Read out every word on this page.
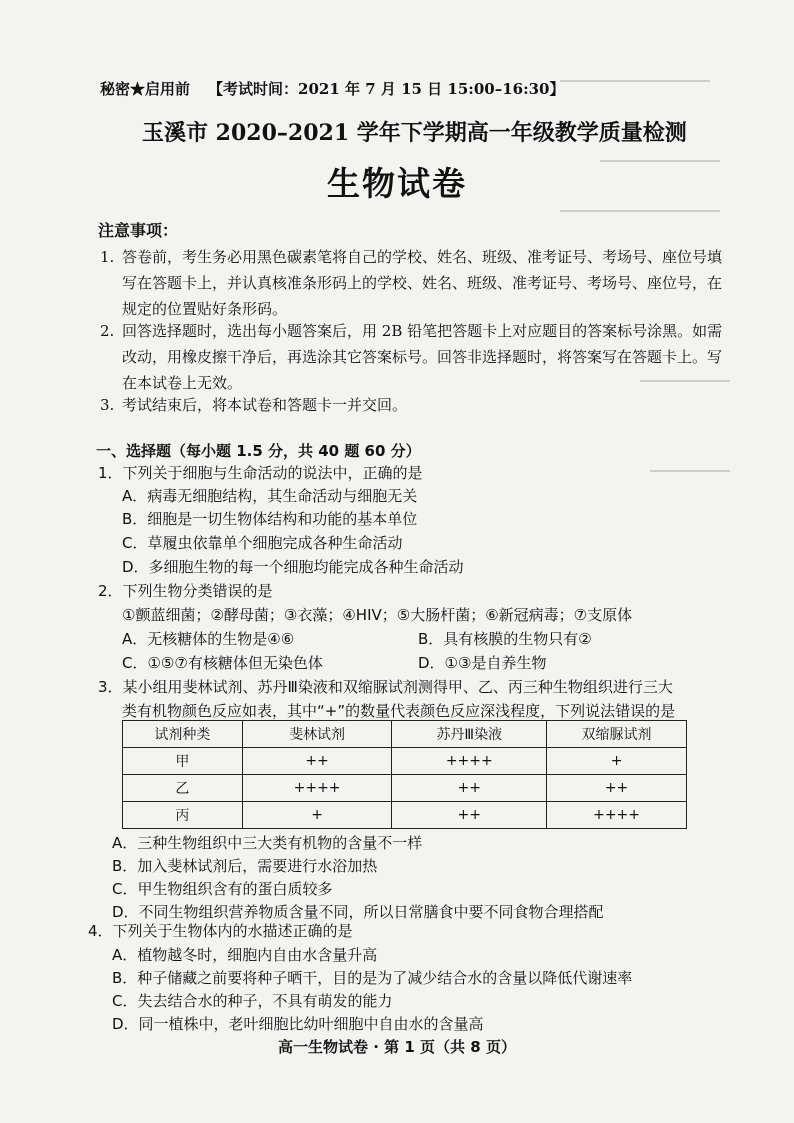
秘密★启用前 【考试时间：2021 年 7 月 15 日 15:00–16:30】
玉溪市 2020–2021 学年下学期高一年级教学质量检测
生物试卷
注意事项：
1. 答卷前，考生务必用黑色碳素笔将自己的学校、姓名、班级、准考证号、考场号、座位号填写在答题卡上，并认真核准条形码上的学校、姓名、班级、准考证号、考场号、座位号，在规定的位置贴好条形码。
2. 回答选择题时，选出每小题答案后，用 2B 铅笔把答题卡上对应题目的答案标号涂黑。如需改动，用橡皮擦干净后，再选涂其它答案标号。回答非选择题时，将答案写在答题卡上。写在本试卷上无效。
3. 考试结束后，将本试卷和答题卡一并交回。
一、选择题（每小题 1.5 分，共 40 题 60 分）
1．下列关于细胞与生命活动的说法中，正确的是
A．病毒无细胞结构，其生命活动与细胞无关
B．细胞是一切生物体结构和功能的基本单位
C．草履虫依靠单个细胞完成各种生命活动
D．多细胞生物的每一个细胞均能完成各种生命活动
2．下列生物分类错误的是
①颤蓝细菌；②酵母菌；③衣藻；④HIV；⑤大肠杆菌；⑥新冠病毒；⑦支原体
A．无核糖体的生物是④⑥	B．具有核膜的生物只有②
C．①⑤⑦有核糖体但无染色体	D．①③是自养生物
3．某小组用斐林试剂、苏丹Ⅲ染液和双缩脲试剂测得甲、乙、丙三种生物组织进行三大
类有机物颜色反应如表，其中“+”的数量代表颜色反应深浅程度，下列说法错误的是
试剂种类	斐林试剂	苏丹Ⅲ染液	双缩脲试剂
甲	++	++++	+
乙	++++	++	++
丙	+	++	++++
A．三种生物组织中三大类有机物的含量不一样
B．加入斐林试剂后，需要进行水浴加热
C．甲生物组织含有的蛋白质较多
D．不同生物组织营养物质含量不同，所以日常膳食中要不同食物合理搭配
4．下列关于生物体内的水描述正确的是
A．植物越冬时，细胞内自由水含量升高
B．种子储藏之前要将种子晒干，目的是为了减少结合水的含量以降低代谢速率
C．失去结合水的种子，不具有萌发的能力
D．同一植株中，老叶细胞比幼叶细胞中自由水的含量高
高一生物试卷 · 第 1 页（共 8 页）
